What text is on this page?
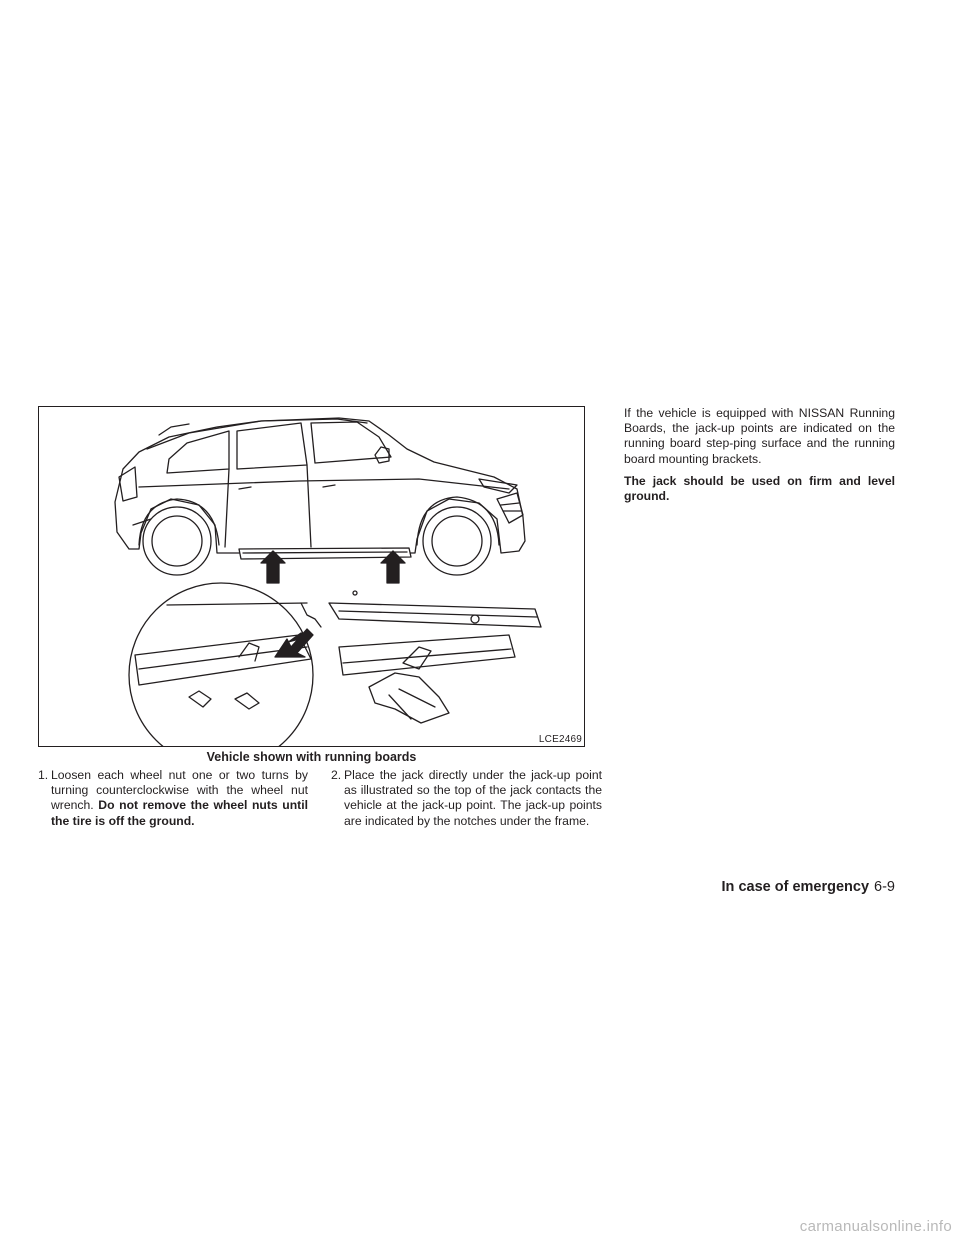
LCE2469
Vehicle shown with running boards
1. Loosen each wheel nut one or two turns by turning counterclockwise with the wheel nut wrench. Do not remove the wheel nuts until the tire is off the ground.

2. Place the jack directly under the jack-up point as illustrated so the top of the jack contacts the vehicle at the jack-up point. The jack-up points are indicated by the notches under the frame.

If the vehicle is equipped with NISSAN Running Boards, the jack-up points are indicated on the running board step-ping surface and the running board mounting brackets.

The jack should be used on firm and level ground.

In case of emergency 6-9
carmanualsonline.info
